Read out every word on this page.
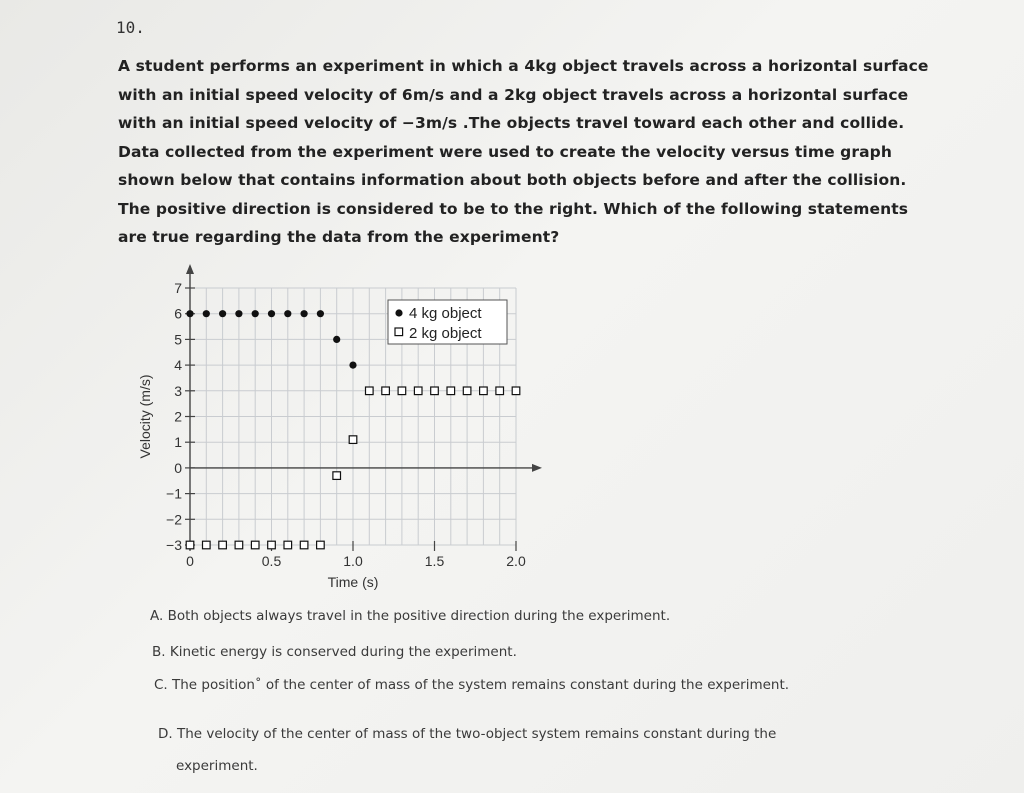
10.
A student performs an experiment in which a 4kg object travels across a horizontal surface
with an initial speed velocity of 6m/s and a 2kg object travels across a horizontal surface
with an initial speed velocity of −3m/s .The objects travel toward each other and collide.
Data collected from the experiment were used to create the velocity versus time graph
shown below that contains information about both objects before and after the collision.
The positive direction is considered to be to the right. Which of the following statements
are true regarding the data from the experiment?
7
6
5
4
3
2
1
0
−1
−2
−3
0	0.5	1.0	1.5	2.0
Time (s)
Velocity (m/s)
4 kg object
2 kg object
A. Both objects always travel in the positive direction during the experiment.
B. Kinetic energy is conserved during the experiment.
C. The position˚ of the center of mass of the system remains constant during the experiment.
D. The velocity of the center of mass of the two-object system remains constant during the
experiment.
